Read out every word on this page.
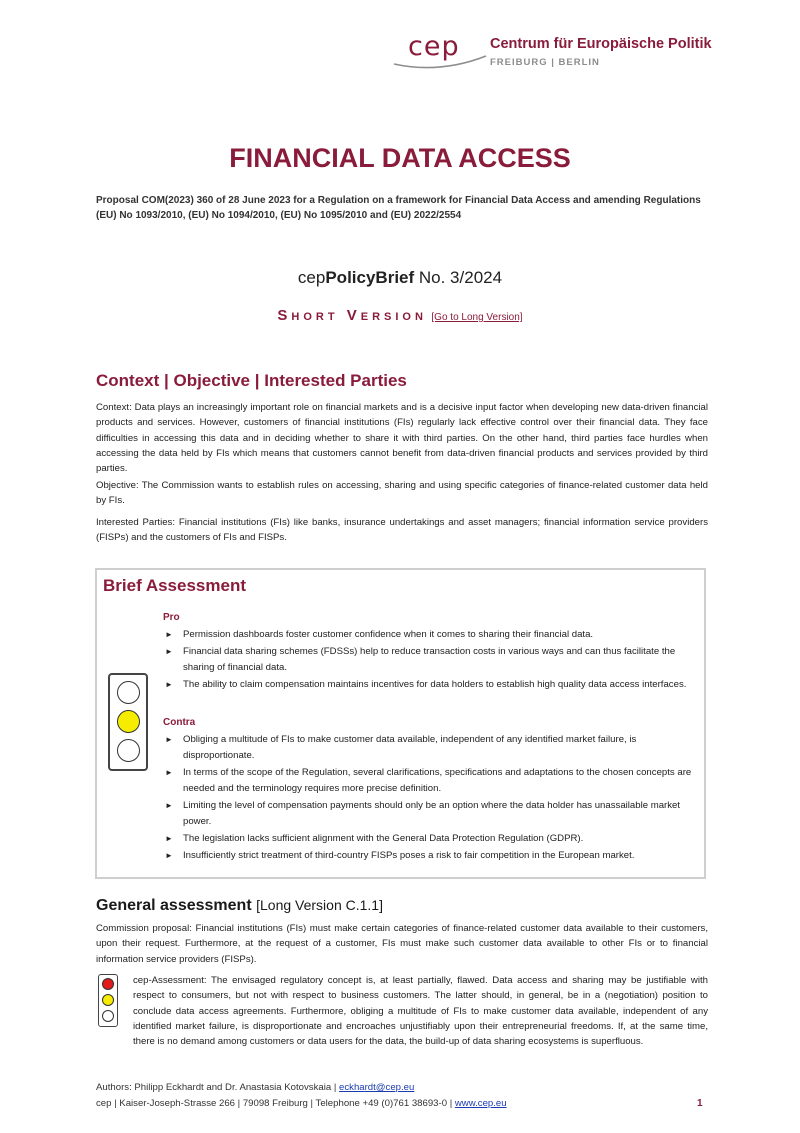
cep Centrum für Europäische Politik
FREIBURG | BERLIN
FINANCIAL DATA ACCESS
Proposal COM(2023) 360 of 28 June 2023 for a Regulation on a framework for Financial Data Access and amending Regulations (EU) No 1093/2010, (EU) No 1094/2010, (EU) No 1095/2010 and (EU) 2022/2554
cepPolicyBrief No. 3/2024
Short Version [Go to Long Version]
Context | Objective | Interested Parties

Context: Data plays an increasingly important role on financial markets and is a decisive input factor when developing new data-driven financial products and services. However, customers of financial institutions (FIs) regularly lack effective control over their financial data. They face difficulties in accessing this data and in deciding whether to share it with third parties. On the other hand, third parties face hurdles when accessing the data held by FIs which means that customers cannot benefit from data-driven financial products and services provided by third parties.

Objective: The Commission wants to establish rules on accessing, sharing and using specific categories of finance-related customer data held by FIs.

Interested Parties: Financial institutions (FIs) like banks, insurance undertakings and asset managers; financial information service providers (FISPs) and the customers of FIs and FISPs.

Brief Assessment
Pro
► Permission dashboards foster customer confidence when it comes to sharing their financial data.
► Financial data sharing schemes (FDSSs) help to reduce transaction costs in various ways and can thus facilitate the sharing of financial data.
► The ability to claim compensation maintains incentives for data holders to establish high quality data access interfaces.
Contra
► Obliging a multitude of FIs to make customer data available, independent of any identified market failure, is disproportionate.
► In terms of the scope of the Regulation, several clarifications, specifications and adaptations to the chosen concepts are needed and the terminology requires more precise definition.
► Limiting the level of compensation payments should only be an option where the data holder has unassailable market power.
► The legislation lacks sufficient alignment with the General Data Protection Regulation (GDPR).
► Insufficiently strict treatment of third-country FISPs poses a risk to fair competition in the European market.
General assessment [Long Version C.1.1]

Commission proposal: Financial institutions (FIs) must make certain categories of finance-related customer data available to their customers, upon their request. Furthermore, at the request of a customer, FIs must make such customer data available to other FIs or to financial information service providers (FISPs).

cep-Assessment: The envisaged regulatory concept is, at least partially, flawed. Data access and sharing may be justifiable with respect to consumers, but not with respect to business customers. The latter should, in general, be in a (negotiation) position to conclude data access agreements. Furthermore, obliging a multitude of FIs to make customer data available, independent of any identified market failure, is disproportionate and encroaches unjustifiably upon their entrepreneurial freedoms. If, at the same time, there is no demand among customers or data users for the data, the build-up of data sharing ecosystems is superfluous.

Authors: Philipp Eckhardt and Dr. Anastasia Kotovskaia | eckhardt@cep.eu
cep | Kaiser-Joseph-Strasse 266 | 79098 Freiburg | Telephone +49 (0)761 38693-0 | www.cep.eu	1
